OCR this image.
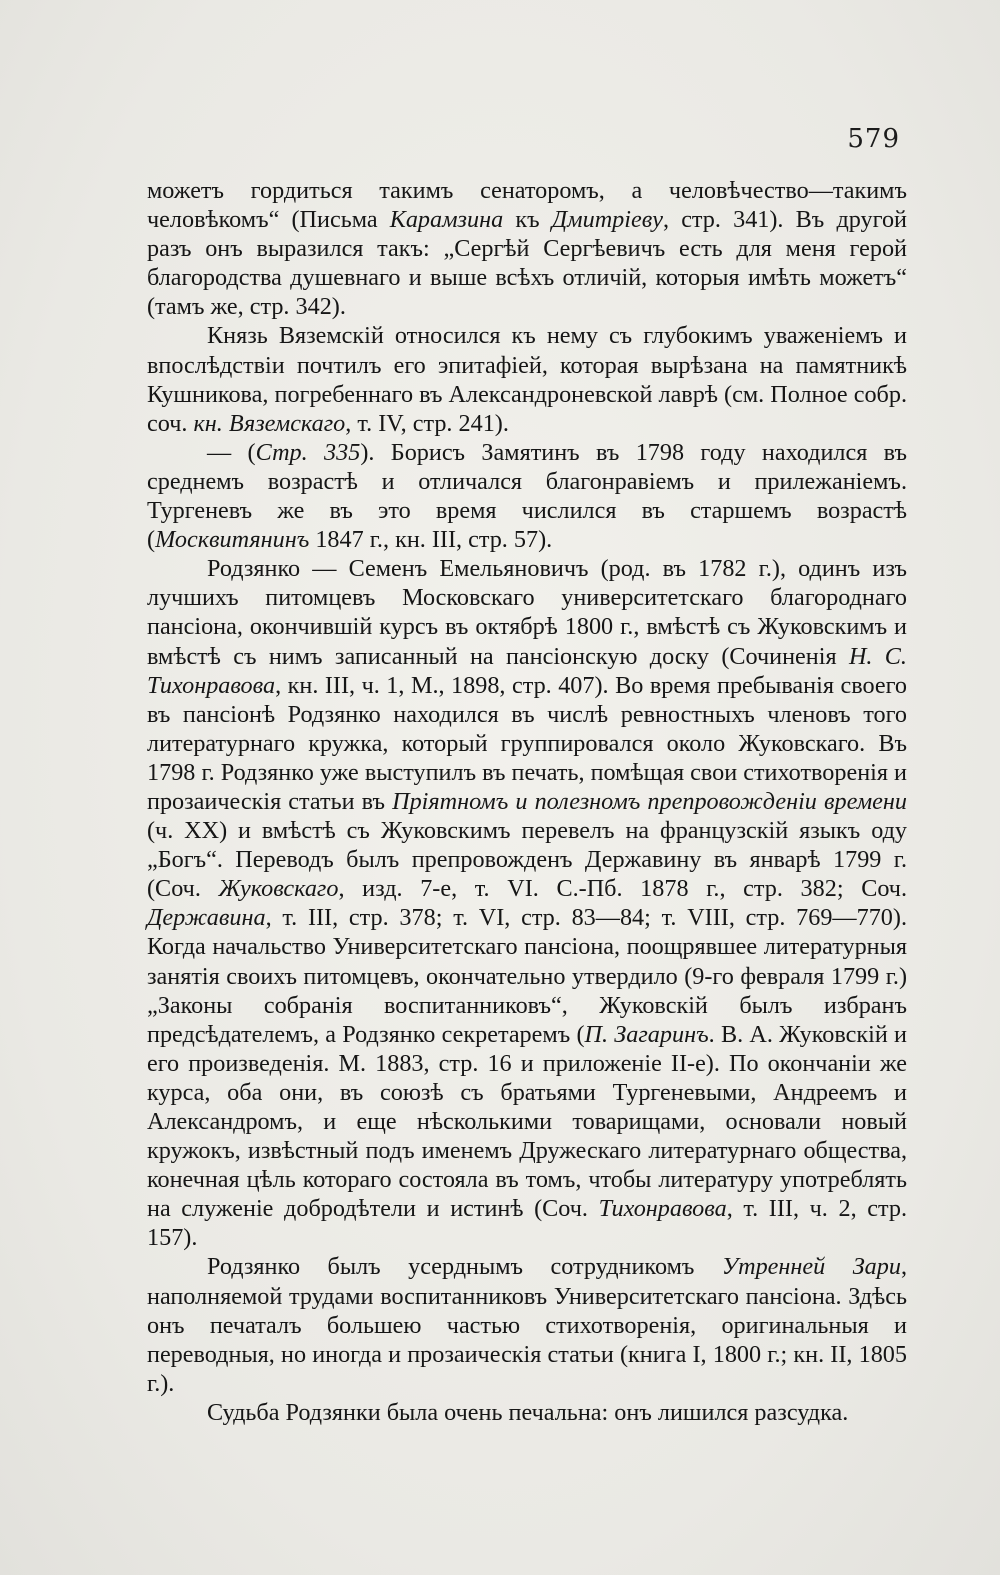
579

можетъ гордиться такимъ сенаторомъ, а человѣчество—такимъ человѣкомъ“ (Письма Карамзина къ Дмитріеву, стр. 341). Въ другой разъ онъ выразился такъ: „Сергѣй Сергѣевичъ есть для меня герой благородства душевнаго и выше всѣхъ отличій, которыя имѣть можетъ“ (тамъ же, стр. 342).

Князь Вяземскій относился къ нему съ глубокимъ уваженіемъ и впослѣдствіи почтилъ его эпитафіей, которая вырѣзана на памятникѣ Кушникова, погребеннаго въ Александроневской лаврѣ (см. Полное собр. соч. кн. Вяземскаго, т. IV, стр. 241).

— (Стр. 335). Борисъ Замятинъ въ 1798 году находился въ среднемъ возрастѣ и отличался благонравіемъ и прилежаніемъ. Тургеневъ же въ это время числился въ старшемъ возрастѣ (Москвитянинъ 1847 г., кн. III, стр. 57).

Родзянко — Семенъ Емельяновичъ (род. въ 1782 г.), одинъ изъ лучшихъ питомцевъ Московскаго университетскаго благороднаго пансіона, окончившій курсъ въ октябрѣ 1800 г., вмѣстѣ съ Жуковскимъ и вмѣстѣ съ нимъ записанный на пансіонскую доску (Сочиненія Н. С. Тихонравова, кн. III, ч. 1, М., 1898, стр. 407). Во время пребыванія своего въ пансіонѣ Родзянко находился въ числѣ ревностныхъ членовъ того литературнаго кружка, который группировался около Жуковскаго. Въ 1798 г. Родзянко уже выступилъ въ печать, помѣщая свои стихотворенія и прозаическія статьи въ Пріятномъ и полезномъ препровожденіи времени (ч. XX) и вмѣстѣ съ Жуковскимъ перевелъ на французскій языкъ оду „Богъ“. Переводъ былъ препровожденъ Державину въ январѣ 1799 г. (Соч. Жуковскаго, изд. 7-е, т. VI. С.-Пб. 1878 г., стр. 382; Соч. Державина, т. III, стр. 378; т. VI, стр. 83—84; т. VIII, стр. 769—770). Когда начальство Университетскаго пансіона, поощрявшее литературныя занятія своихъ питомцевъ, окончательно утвердило (9-го февраля 1799 г.) „Законы собранія воспитанниковъ“, Жуковскій былъ избранъ предсѣдателемъ, а Родзянко секретаремъ (П. Загаринъ. В. А. Жуковскій и его произведенія. М. 1883, стр. 16 и приложеніе II-е). По окончаніи же курса, оба они, въ союзѣ съ братьями Тургеневыми, Андреемъ и Александромъ, и еще нѣсколькими товарищами, основали новый кружокъ, извѣстный подъ именемъ Дружескаго литературнаго общества, конечная цѣль котораго состояла въ томъ, чтобы литературу употреблять на служеніе добродѣтели и истинѣ (Соч. Тихонравова, т. III, ч. 2, стр. 157).

Родзянко былъ усерднымъ сотрудникомъ Утренней Зари, наполняемой трудами воспитанниковъ Университетскаго пансіона. Здѣсь онъ печаталъ большею частью стихотворенія, оригинальныя и переводныя, но иногда и прозаическія статьи (книга I, 1800 г.; кн. II, 1805 г.).

Судьба Родзянки была очень печальна: онъ лишился разсудка.
